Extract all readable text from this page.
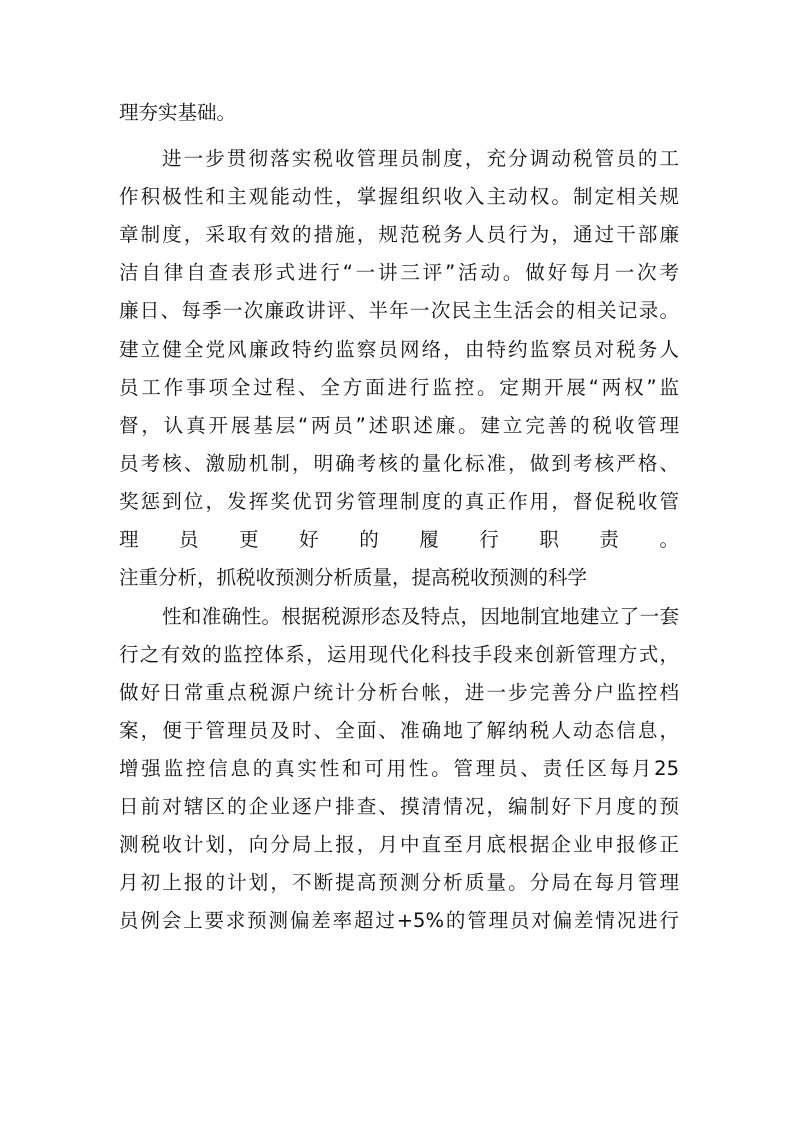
理夯实基础。
进一步贯彻落实税收管理员制度，充分调动税管员的工
作积极性和主观能动性，掌握组织收入主动权。制定相关规
章制度，采取有效的措施，规范税务人员行为，通过干部廉
洁自律自查表形式进行“一讲三评”活动。做好每月一次考
廉日、每季一次廉政讲评、半年一次民主生活会的相关记录。
建立健全党风廉政特约监察员网络，由特约监察员对税务人
员工作事项全过程、全方面进行监控。定期开展“两权”监
督，认真开展基层“两员”述职述廉。建立完善的税收管理
员考核、激励机制，明确考核的量化标准，做到考核严格、
奖惩到位，发挥奖优罚劣管理制度的真正作用，督促税收管
理员更好的履行职责。
注重分析，抓税收预测分析质量，提高税收预测的科学
性和准确性。根据税源形态及特点，因地制宜地建立了一套
行之有效的监控体系，运用现代化科技手段来创新管理方式，
做好日常重点税源户统计分析台帐，进一步完善分户监控档
案，便于管理员及时、全面、准确地了解纳税人动态信息，
增强监控信息的真实性和可用性。管理员、责任区每月25
日前对辖区的企业逐户排查、摸清情况，编制好下月度的预
测税收计划，向分局上报，月中直至月底根据企业申报修正
月初上报的计划，不断提高预测分析质量。分局在每月管理
员例会上要求预测偏差率超过+5%的管理员对偏差情况进行
